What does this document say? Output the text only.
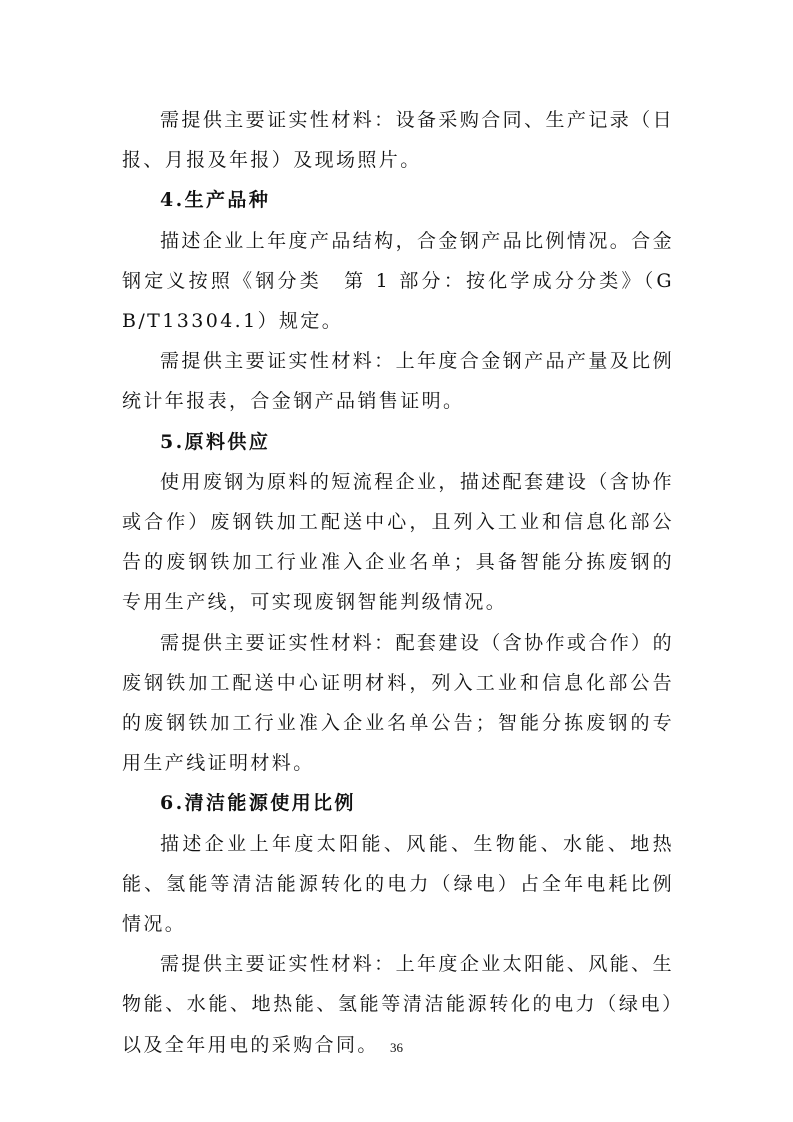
需提供主要证实性材料：设备采购合同、生产记录（日报、月报及年报）及现场照片。

4.生产品种

描述企业上年度产品结构，合金钢产品比例情况。合金钢定义按照《钢分类　第 1 部分：按化学成分分类》（GB/T13304.1）规定。

需提供主要证实性材料：上年度合金钢产品产量及比例统计年报表，合金钢产品销售证明。

5.原料供应

使用废钢为原料的短流程企业，描述配套建设（含协作或合作）废钢铁加工配送中心，且列入工业和信息化部公告的废钢铁加工行业准入企业名单；具备智能分拣废钢的专用生产线，可实现废钢智能判级情况。

需提供主要证实性材料：配套建设（含协作或合作）的废钢铁加工配送中心证明材料，列入工业和信息化部公告的废钢铁加工行业准入企业名单公告；智能分拣废钢的专用生产线证明材料。

6.清洁能源使用比例

描述企业上年度太阳能、风能、生物能、水能、地热能、氢能等清洁能源转化的电力（绿电）占全年电耗比例情况。

需提供主要证实性材料：上年度企业太阳能、风能、生物能、水能、地热能、氢能等清洁能源转化的电力（绿电）以及全年用电的采购合同。 36
